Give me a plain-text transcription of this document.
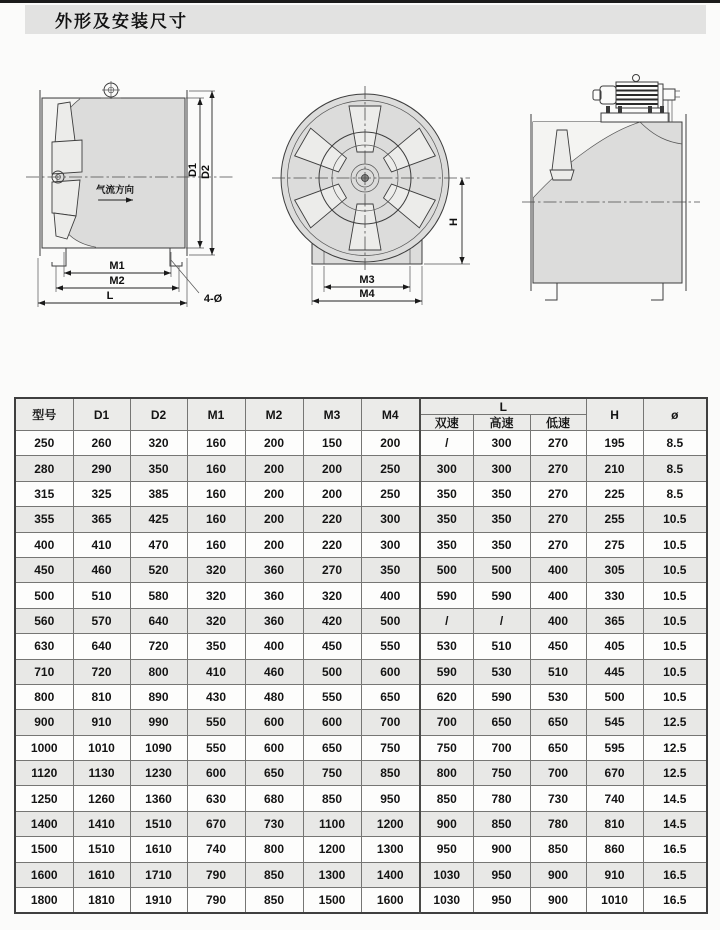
外形及安装尺寸
气流方向
D1 D2
M1
M2
L	4-Ø
H
M3
M4
型号	D1	D2	M1	M2	M3	M4	L			H	ø
							双速	高速	低速		
250	260	320	160	200	150	200	/	300	270	195	8.5
280	290	350	160	200	200	250	300	300	270	210	8.5
315	325	385	160	200	200	250	350	350	270	225	8.5
355	365	425	160	200	220	300	350	350	270	255	10.5
400	410	470	160	200	220	300	350	350	270	275	10.5
450	460	520	320	360	270	350	500	500	400	305	10.5
500	510	580	320	360	320	400	590	590	400	330	10.5
560	570	640	320	360	420	500	/	/	400	365	10.5
630	640	720	350	400	450	550	530	510	450	405	10.5
710	720	800	410	460	500	600	590	530	510	445	10.5
800	810	890	430	480	550	650	620	590	530	500	10.5
900	910	990	550	600	600	700	700	650	650	545	12.5
1000	1010	1090	550	600	650	750	750	700	650	595	12.5
1120	1130	1230	600	650	750	850	800	750	700	670	12.5
1250	1260	1360	630	680	850	950	850	780	730	740	14.5
1400	1410	1510	670	730	1100	1200	900	850	780	810	14.5
1500	1510	1610	740	800	1200	1300	950	900	850	860	16.5
1600	1610	1710	790	850	1300	1400	1030	950	900	910	16.5
1800	1810	1910	790	850	1500	1600	1030	950	900	1010	16.5
